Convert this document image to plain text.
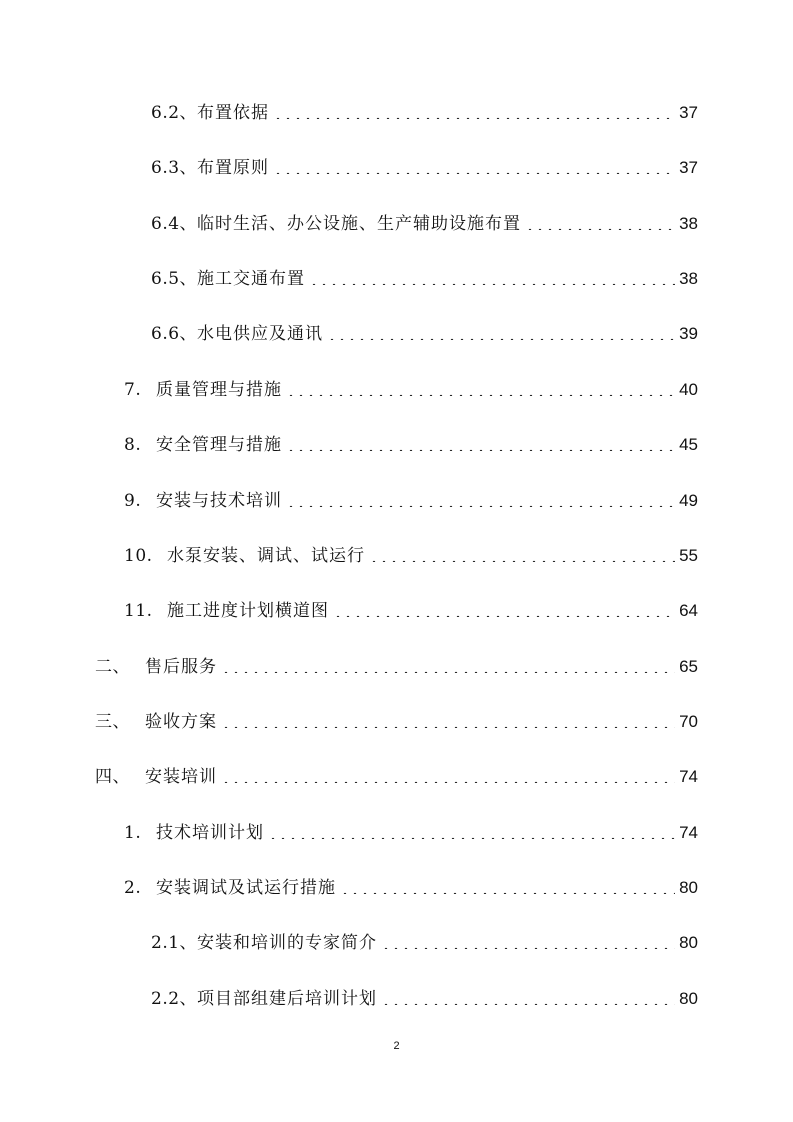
6.2、 布置依据	37
6.3、 布置原则	37
6.4、 临时生活、办公设施、生产辅助设施布置	38
6.5、 施工交通布置	38
6.6、 水电供应及通讯	39
7. 质量管理与措施	40
8. 安全管理与措施	45
9. 安装与技术培训	49
10. 水泵安装、调试、试运行	55
11. 施工进度计划横道图	64
二、 售后服务	65
三、 验收方案	70
四、 安装培训	74
1. 技术培训计划	74
2. 安装调试及试运行措施	80
2.1、 安装和培训的专家简介	80
2.2、 项目部组建后培训计划	80
2
